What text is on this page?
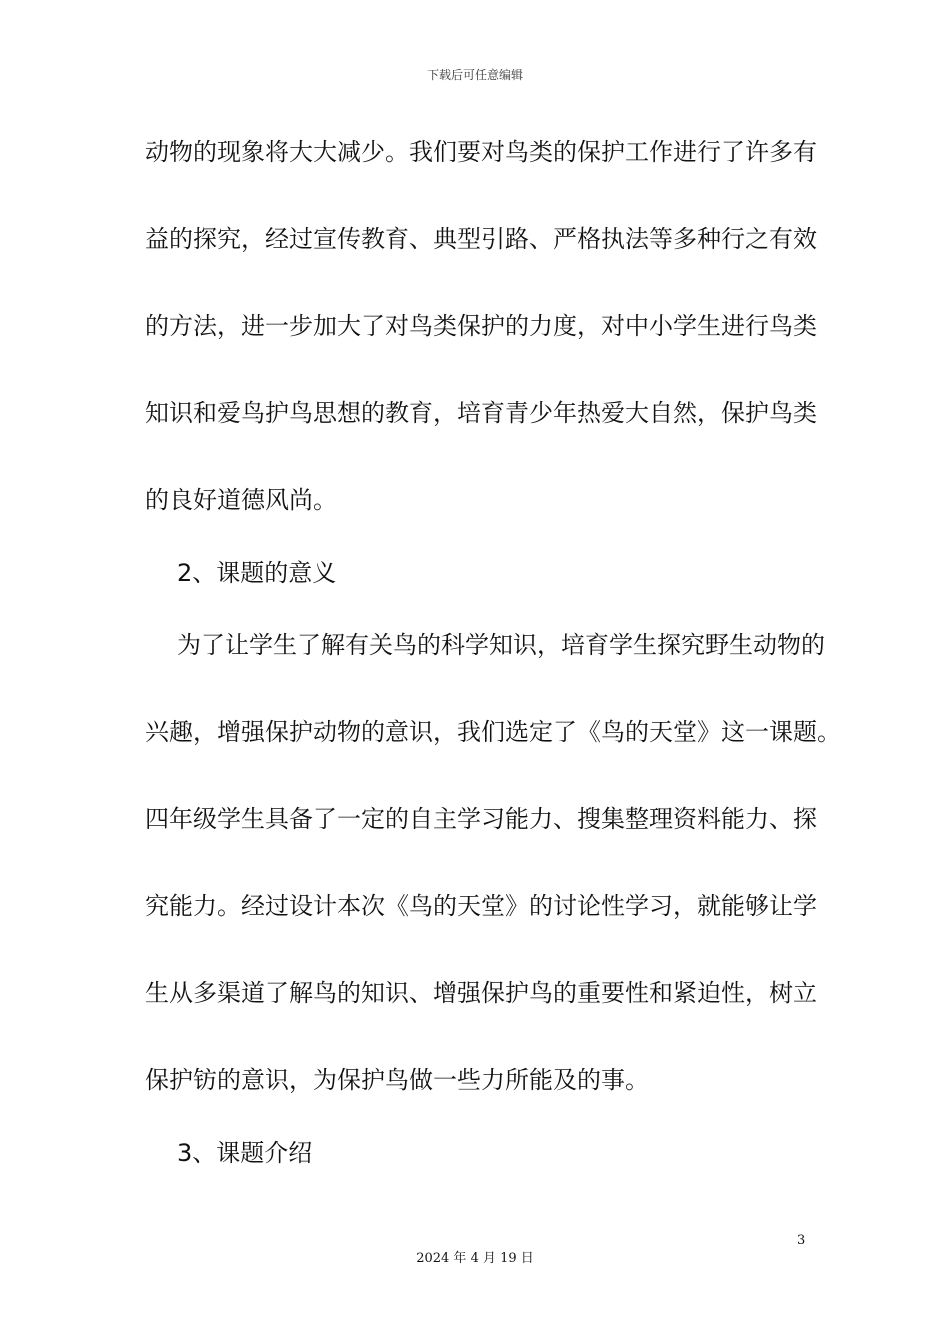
下载后可任意编辑
动物的现象将大大减少。我们要对鸟类的保护工作进行了许多有
益的探究，经过宣传教育、典型引路、严格执法等多种行之有效
的方法，进一步加大了对鸟类保护的力度，对中小学生进行鸟类
知识和爱鸟护鸟思想的教育，培育青少年热爱大自然，保护鸟类
的良好道德风尚。
2、课题的意义
为了让学生了解有关鸟的科学知识，培育学生探究野生动物的
兴趣，增强保护动物的意识，我们选定了《鸟的天堂》这一课题。
四年级学生具备了一定的自主学习能力、搜集整理资料能力、探
究能力。经过设计本次《鸟的天堂》的讨论性学习，就能够让学
生从多渠道了解鸟的知识、增强保护鸟的重要性和紧迫性，树立
保护钫的意识，为保护鸟做一些力所能及的事。
3、课题介绍
3
2024 年 4 月 19 日
